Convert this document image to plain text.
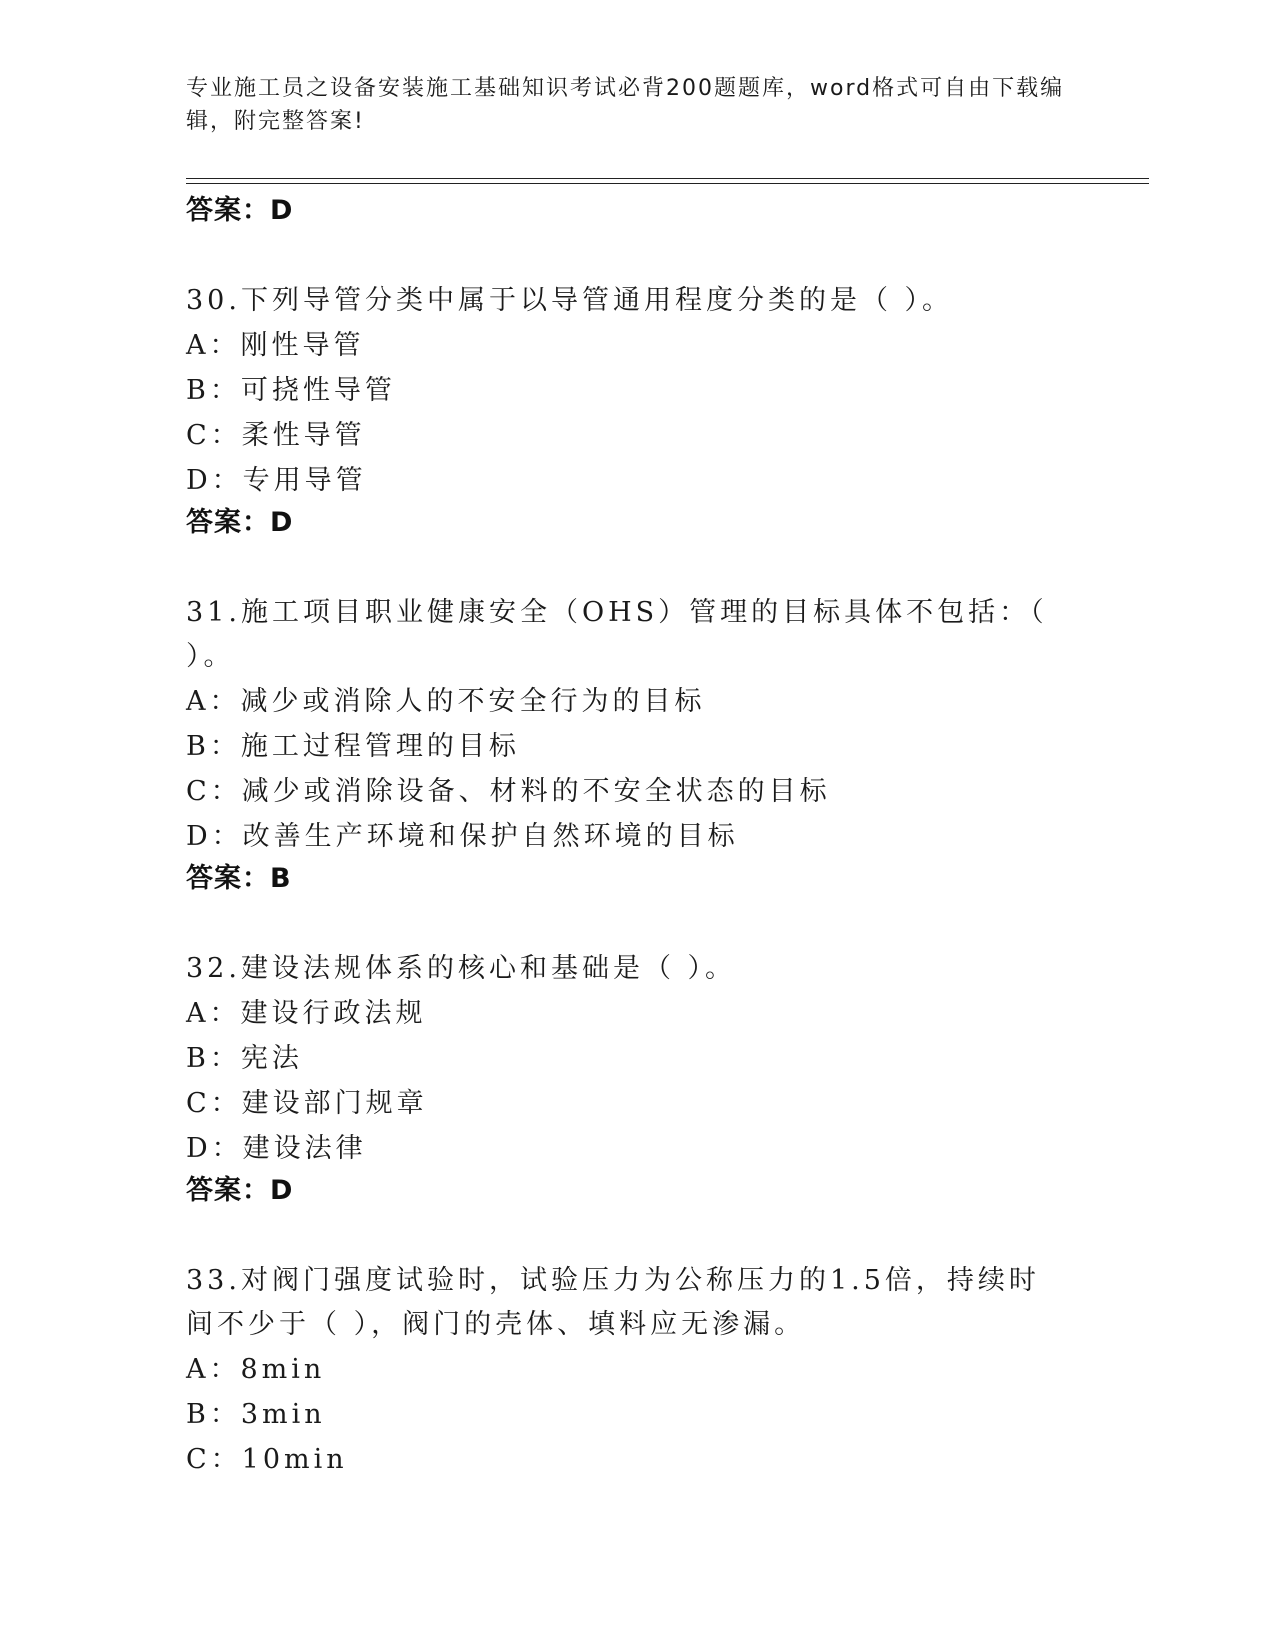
专业施工员之设备安装施工基础知识考试必背200题题库，word格式可自由下载编辑，附完整答案!

答案：D

30.下列导管分类中属于以导管通用程度分类的是（ ）。

A：刚性导管

B：可挠性导管

C：柔性导管

D：专用导管

答案：D

31.施工项目职业健康安全（OHS）管理的目标具体不包括：（ ）。

A：减少或消除人的不安全行为的目标

B：施工过程管理的目标

C：减少或消除设备、材料的不安全状态的目标

D：改善生产环境和保护自然环境的目标

答案：B

32.建设法规体系的核心和基础是（ ）。

A：建设行政法规

B：宪法

C：建设部门规章

D：建设法律

答案：D

33.对阀门强度试验时，试验压力为公称压力的1.5倍，持续时间不少于（ ），阀门的壳体、填料应无渗漏。

A：8min

B：3min

C：10min
